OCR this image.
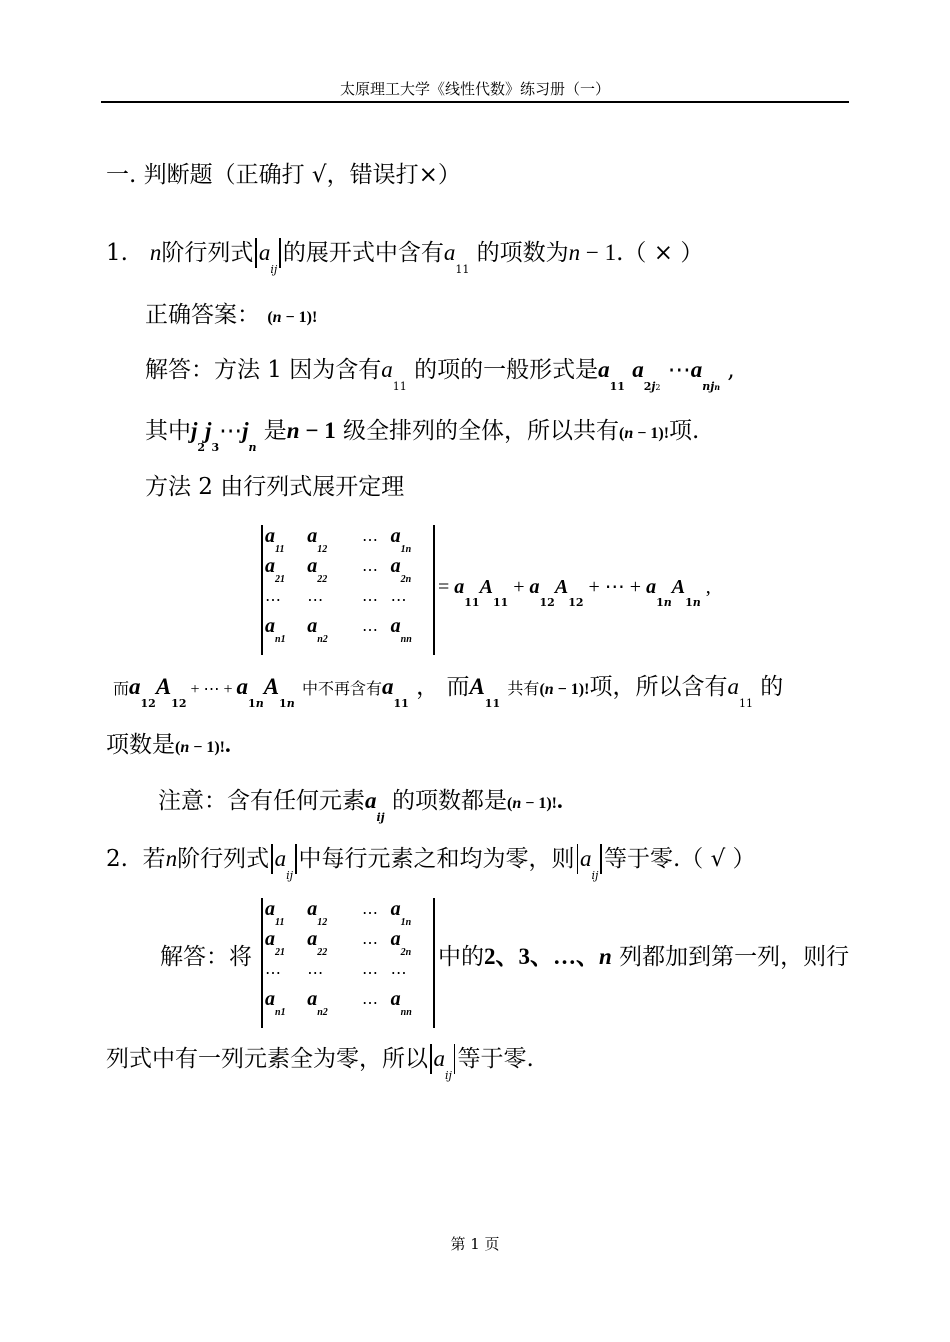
太原理工大学《线性代数》练习册（一）
一. 判断题（正确打 √，错误打×）
1. n阶行列式 $a_{ij}$的展开式中含有$a_{11}$ 的项数为n − 1.（ × ）
正确答案： (n − 1)!
解答：方法 1 因为含有$a_{11}$ 的项的一般形式是$a_{11}$ $a_{2j2}$ $\cdots a_{njn}$ ,
其中$j_2j_3\cdots j_n$ 是n − 1 级全排列的全体，所以共有(n − 1)!项.
方法 2 由行列式展开定理
$a_{11}$	$a_{12}$	⋯	$a_{1n}$
$a_{21}$	$a_{22}$	⋯	$a_{2n}$
⋯	⋯	⋯	⋯
$a_{n1}$	$a_{n2}$	⋯	$a_{nn}$
= $a_{11}A_{11} + a_{12}A_{12}$ + ⋯ + $a_{1n}A_{1n}$ ,
而$a_{12}A_{12}$ + ⋯ + $a_{1n}A_{1n}$ 中不再含有$a_{11}$ ， 而$A_{11}$ 共有(n − 1)!项，所以含有$a_{11}$ 的
项数是(n − 1)!.
注意：含有任何元素$a_{ij}$ 的项数都是(n − 1)!.
2. 若n阶行列式 $a_{ij}$中每行元素之和均为零，则 $a_{ij}$等于零.（ √ ）
$a_{11}$	$a_{12}$	⋯	$a_{1n}$
$a_{21}$	$a_{22}$	⋯	$a_{2n}$
⋯	⋯	⋯	⋯
$a_{n1}$	$a_{n2}$	⋯	$a_{nn}$
解答：将	中的2、3、…、n 列都加到第一列，则行
列式中有一列元素全为零，所以 $a_{ij}$等于零.
第 1 页
